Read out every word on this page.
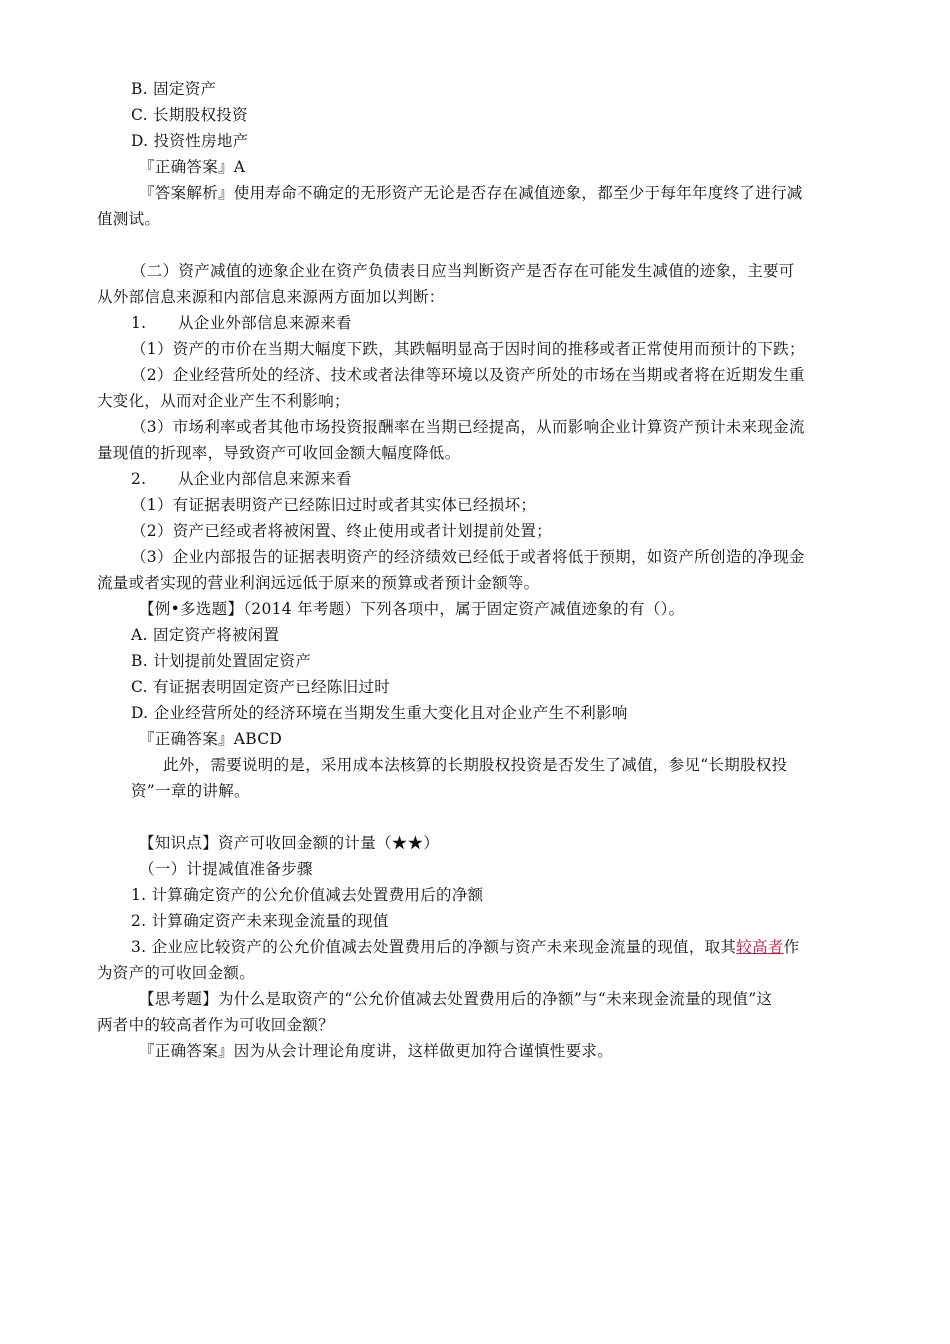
B. 固定资产
C. 长期股权投资
D. 投资性房地产
『正确答案』A
『答案解析』使用寿命不确定的无形资产无论是否存在减值迹象，都至少于每年年度终了进行减
值测试。
（二）资产减值的迹象企业在资产负债表日应当判断资产是否存在可能发生减值的迹象，主要可
从外部信息来源和内部信息来源两方面加以判断：
1.　　从企业外部信息来源来看
（1）资产的市价在当期大幅度下跌，其跌幅明显高于因时间的推移或者正常使用而预计的下跌；
（2）企业经营所处的经济、技术或者法律等环境以及资产所处的市场在当期或者将在近期发生重
大变化，从而对企业产生不利影响；
（3）市场利率或者其他市场投资报酬率在当期已经提高，从而影响企业计算资产预计未来现金流
量现值的折现率，导致资产可收回金额大幅度降低。
2.　　从企业内部信息来源来看
（1）有证据表明资产已经陈旧过时或者其实体已经损坏；
（2）资产已经或者将被闲置、终止使用或者计划提前处置；
（3）企业内部报告的证据表明资产的经济绩效已经低于或者将低于预期，如资产所创造的净现金
流量或者实现的营业利润远远低于原来的预算或者预计金额等。
【例•多选题】（2014 年考题）下列各项中，属于固定资产减值迹象的有（）。
A. 固定资产将被闲置
B. 计划提前处置固定资产
C. 有证据表明固定资产已经陈旧过时
D. 企业经营所处的经济环境在当期发生重大变化且对企业产生不利影响
『正确答案』ABCD
此外，需要说明的是，采用成本法核算的长期股权投资是否发生了减值，参见“长期股权投
资”一章的讲解。
【知识点】资产可收回金额的计量（★★）
（一）计提减值准备步骤
1. 计算确定资产的公允价值减去处置费用后的净额
2. 计算确定资产未来现金流量的现值
3. 企业应比较资产的公允价值减去处置费用后的净额与资产未来现金流量的现值，取其较高者作
为资产的可收回金额。
【思考题】为什么是取资产的“公允价值减去处置费用后的净额”与“未来现金流量的现值”这
两者中的较高者作为可收回金额？
『正确答案』因为从会计理论角度讲，这样做更加符合谨慎性要求。
